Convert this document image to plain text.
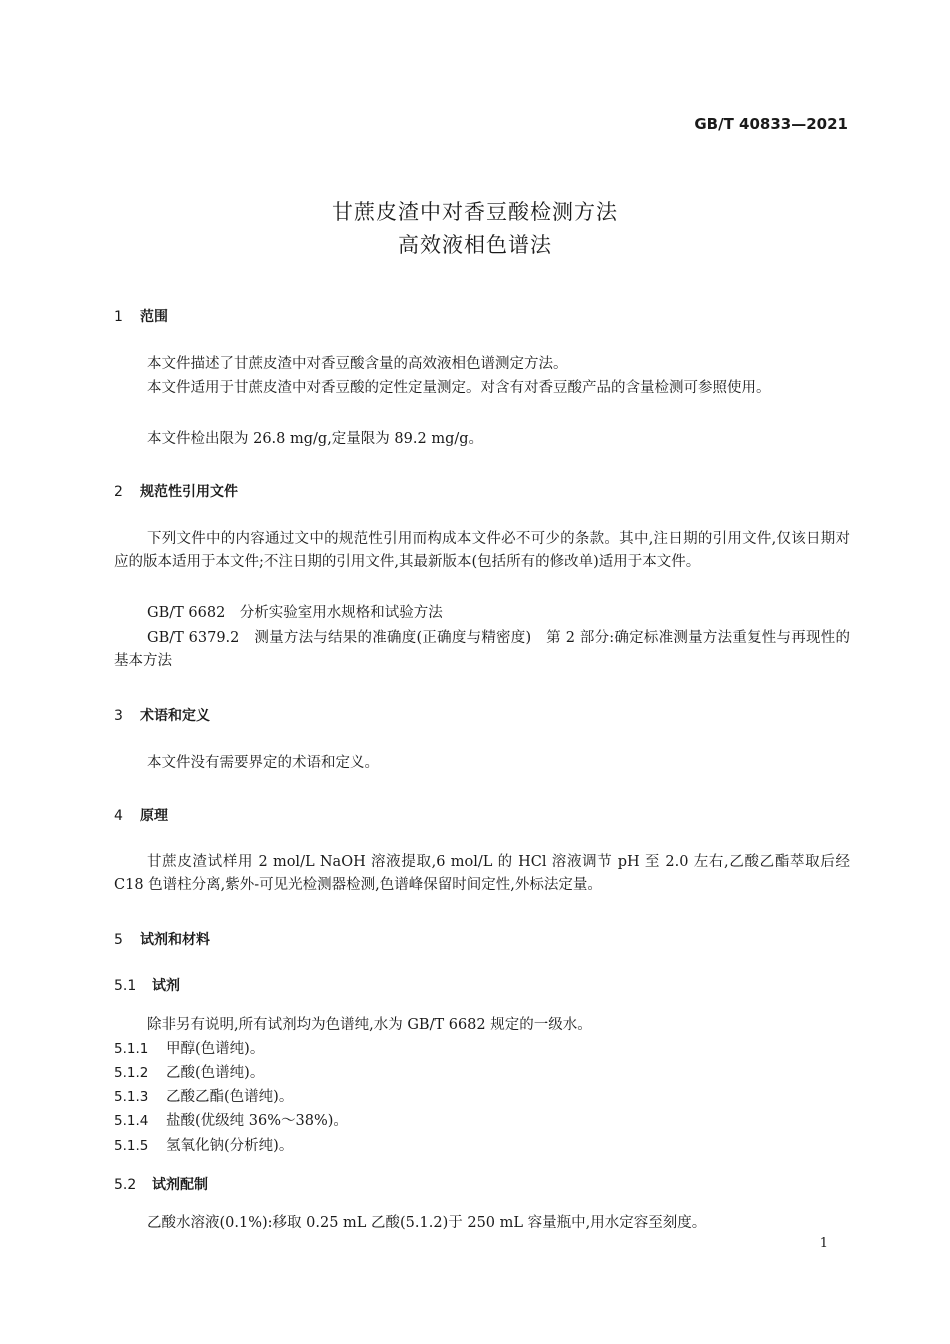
GB/T 40833—2021
甘蔗皮渣中对香豆酸检测方法
高效液相色谱法
1 范围
本文件描述了甘蔗皮渣中对香豆酸含量的高效液相色谱测定方法。
本文件适用于甘蔗皮渣中对香豆酸的定性定量测定。对含有对香豆酸产品的含量检测可参照使用。
本文件检出限为 26.8 mg/g,定量限为 89.2 mg/g。
2 规范性引用文件
下列文件中的内容通过文中的规范性引用而构成本文件必不可少的条款。其中,注日期的引用文件,仅该日期对应的版本适用于本文件;不注日期的引用文件,其最新版本(包括所有的修改单)适用于本文件。
GB/T 6682　分析实验室用水规格和试验方法
GB/T 6379.2　测量方法与结果的准确度(正确度与精密度)　第 2 部分:确定标准测量方法重复性与再现性的基本方法
3 术语和定义
本文件没有需要界定的术语和定义。
4 原理
甘蔗皮渣试样用 2 mol/L NaOH 溶液提取,6 mol/L 的 HCl 溶液调节 pH 至 2.0 左右,乙酸乙酯萃取后经 C18 色谱柱分离,紫外-可见光检测器检测,色谱峰保留时间定性,外标法定量。
5 试剂和材料
5.1 试剂
除非另有说明,所有试剂均为色谱纯,水为 GB/T 6682 规定的一级水。
5.1.1 甲醇(色谱纯)。
5.1.2 乙酸(色谱纯)。
5.1.3 乙酸乙酯(色谱纯)。
5.1.4 盐酸(优级纯 36%～38%)。
5.1.5 氢氧化钠(分析纯)。
5.2 试剂配制
乙酸水溶液(0.1%):移取 0.25 mL 乙酸(5.1.2)于 250 mL 容量瓶中,用水定容至刻度。
1
